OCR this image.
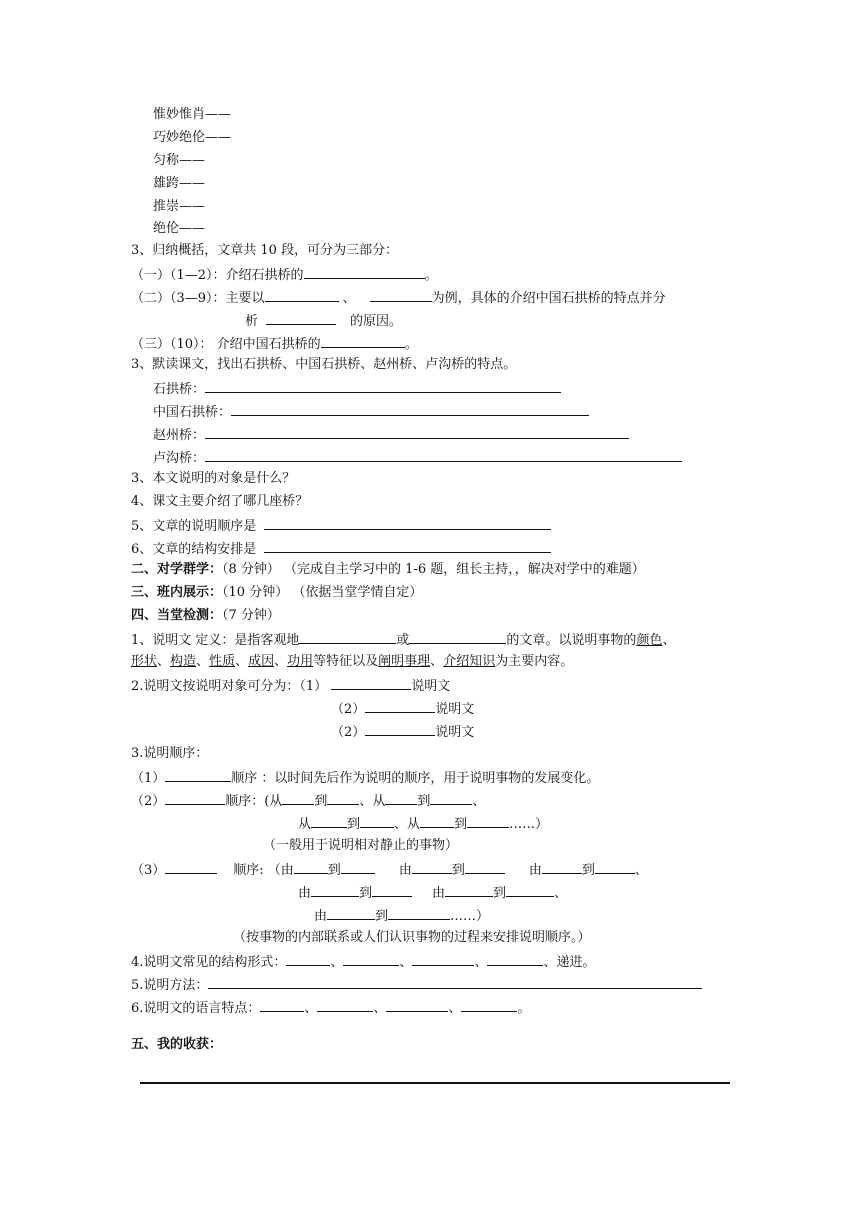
惟妙惟肖——
巧妙绝伦——
匀称——
雄跨——
推崇——
绝伦——
3、归纳概括，文章共 10 段，可分为三部分：
（一）（1—2）：介绍石拱桥的	。
（二）（3—9）：主要以	、	为例，具体的介绍中国石拱桥的特点并分
析	的原因。
（三）（10）： 介绍中国石拱桥的	。
3、默读课文，找出石拱桥、中国石拱桥、赵州桥、卢沟桥的特点。
石拱桥：
中国石拱桥：
赵州桥：
卢沟桥：
3、本文说明的对象是什么？
4、课文主要介绍了哪几座桥？
5、文章的说明顺序是
6、文章的结构安排是
二、对学群学：（8 分钟） （完成自主学习中的 1-6 题，组长主持，，解决对学中的难题）
三、班内展示：（10 分钟） （依据当堂学情自定）
四、当堂检测：（7 分钟）
1、说明文 定义：是指客观地	或	的文章。以说明事物的颜色、
形状、构造、性质、成因、功用等特征以及阐明事理、介绍知识为主要内容。
2.说明文按说明对象可分为：（1）	说明文
（2）	说明文
（2）	说明文
3.说明顺序：
（1）	顺序 ：以时间先后作为说明的顺序，用于说明事物的发展变化。
（2）	顺序：(从 到 、从 到	、
从	到	、从	到	……）
（一般用于说明相对静止的事物）
（3）	顺序: （由	到	由	到	由	到	、
由	到	由	到	、
由	到	……）
（按事物的内部联系或人们认识事物的过程来安排说明顺序。）
4.说明文常见的结构形式：	、	、	、	、递进。
5.说明方法：
6.说明文的语言特点：	、	、	、	。
五、我的收获：
